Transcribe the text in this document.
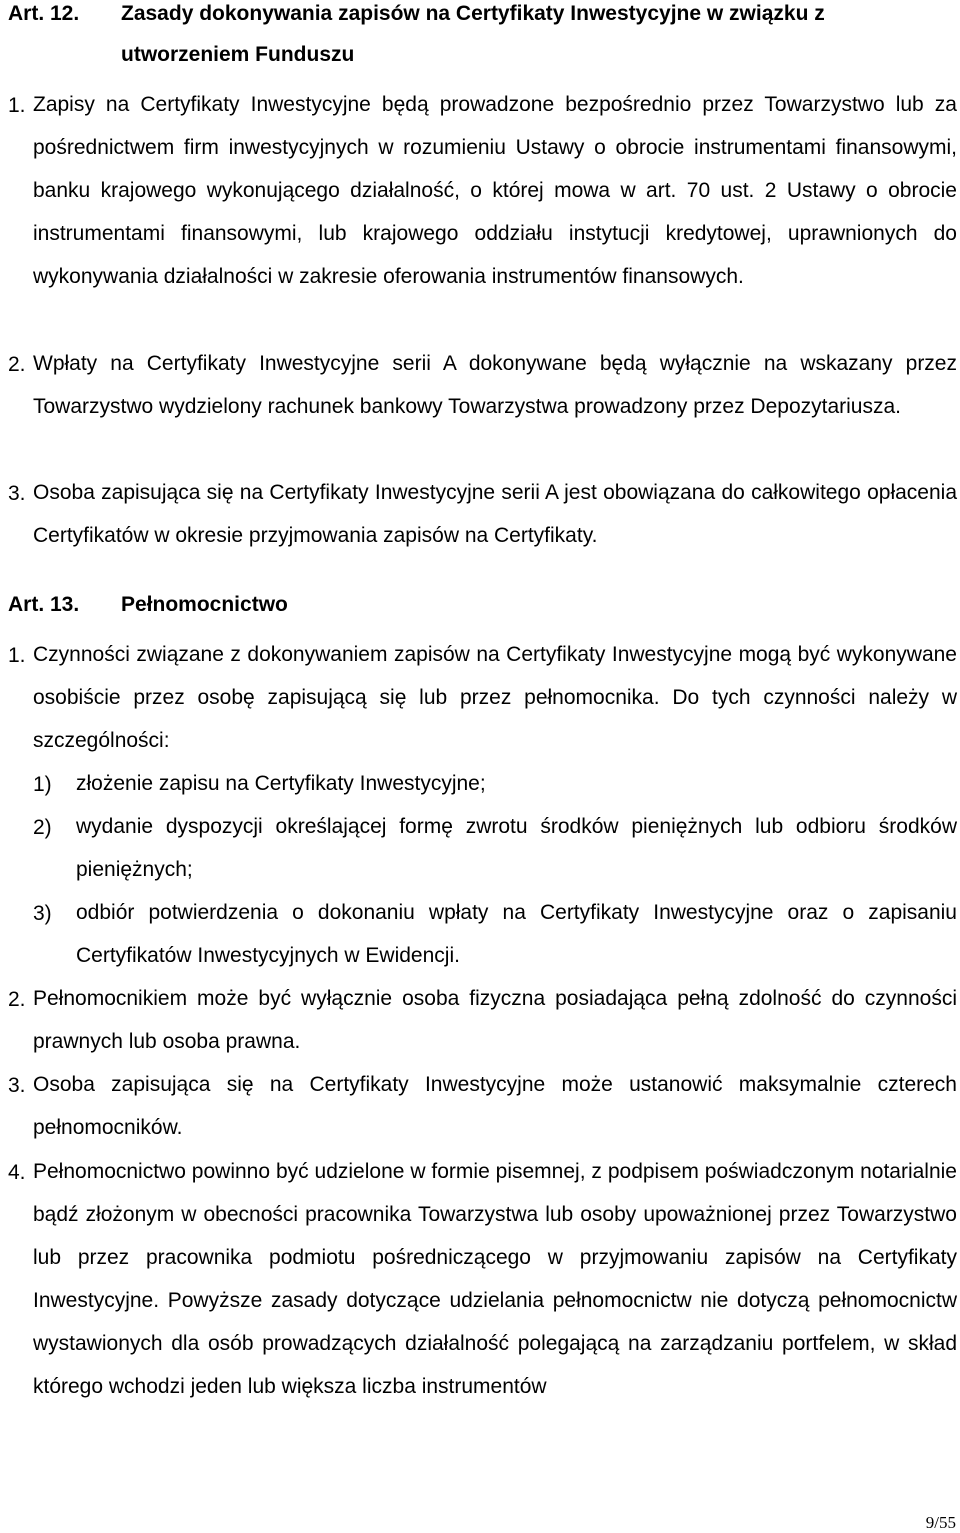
Art. 12. Zasady dokonywania zapisów na Certyfikaty Inwestycyjne w związku z
utworzeniem Funduszu
1. Zapisy na Certyfikaty Inwestycyjne będą prowadzone bezpośrednio przez Towarzystwo lub za pośrednictwem firm inwestycyjnych w rozumieniu Ustawy o obrocie instrumentami finansowymi, banku krajowego wykonującego działalność, o której mowa w art. 70 ust. 2 Ustawy o obrocie instrumentami finansowymi, lub krajowego oddziału instytucji kredytowej, uprawnionych do wykonywania działalności w zakresie oferowania instrumentów finansowych.

2. Wpłaty na Certyfikaty Inwestycyjne serii A dokonywane będą wyłącznie na wskazany przez Towarzystwo wydzielony rachunek bankowy Towarzystwa prowadzony przez Depozytariusza.

3. Osoba zapisująca się na Certyfikaty Inwestycyjne serii A jest obowiązana do całkowitego opłacenia Certyfikatów w okresie przyjmowania zapisów na Certyfikaty.

Art. 13. Pełnomocnictwo
1. Czynności związane z dokonywaniem zapisów na Certyfikaty Inwestycyjne mogą być wykonywane osobiście przez osobę zapisującą się lub przez pełnomocnika. Do tych czynności należy w szczególności:

1) złożenie zapisu na Certyfikaty Inwestycyjne;

2) wydanie dyspozycji określającej formę zwrotu środków pieniężnych lub odbioru środków pieniężnych;

3) odbiór potwierdzenia o dokonaniu wpłaty na Certyfikaty Inwestycyjne oraz o zapisaniu Certyfikatów Inwestycyjnych w Ewidencji.

2. Pełnomocnikiem może być wyłącznie osoba fizyczna posiadająca pełną zdolność do czynności prawnych lub osoba prawna.

3. Osoba zapisująca się na Certyfikaty Inwestycyjne może ustanowić maksymalnie czterech pełnomocników.

4. Pełnomocnictwo powinno być udzielone w formie pisemnej, z podpisem poświadczonym notarialnie bądź złożonym w obecności pracownika Towarzystwa lub osoby upoważnionej przez Towarzystwo lub przez pracownika podmiotu pośredniczącego w przyjmowaniu zapisów na Certyfikaty Inwestycyjne. Powyższe zasady dotyczące udzielania pełnomocnictw nie dotyczą pełnomocnictw wystawionych dla osób prowadzących działalność polegającą na zarządzaniu portfelem, w skład którego wchodzi jeden lub większa liczba instrumentów

9/55
